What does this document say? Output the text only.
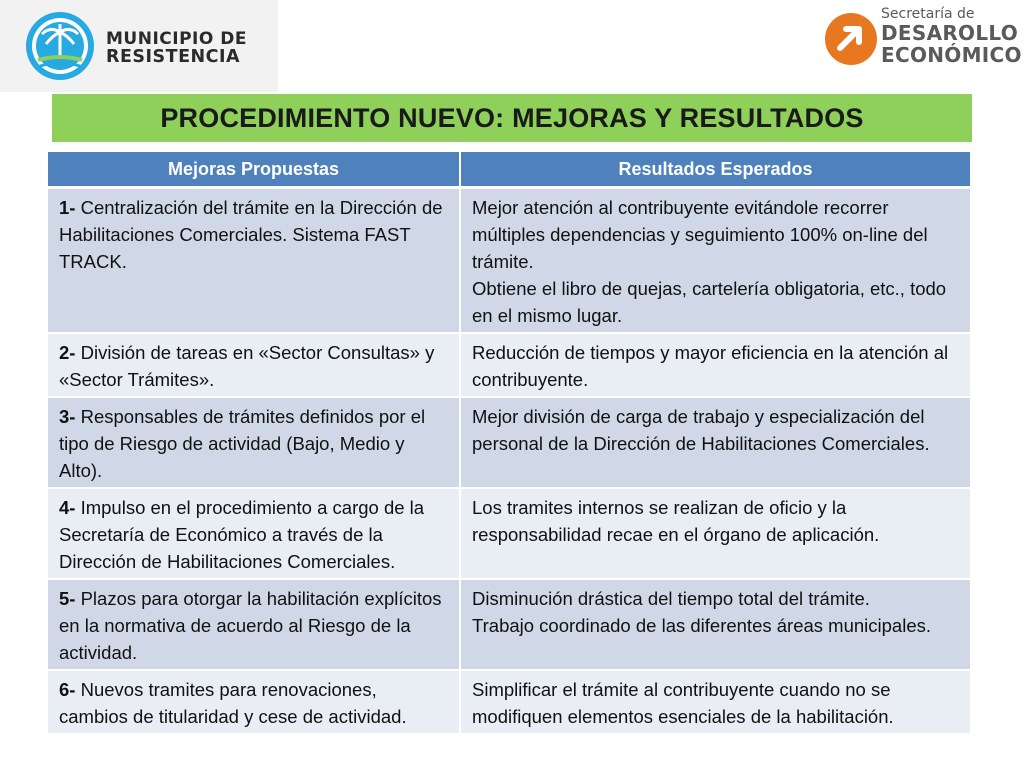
MUNICIPIO DE
RESISTENCIA
Secretaría de
DESAROLLO
ECONÓMICO
PROCEDIMIENTO NUEVO: MEJORAS Y RESULTADOS
Mejoras Propuestas	Resultados Esperados
1- Centralización del trámite en la Dirección de Habilitaciones Comerciales. Sistema FAST TRACK.	Mejor atención al contribuyente evitándole recorrer múltiples dependencias y seguimiento 100% on-line del trámite.
Obtiene el libro de quejas, cartelería obligatoria, etc., todo en el mismo lugar.
2- División de tareas en «Sector Consultas» y «Sector Trámites».	Reducción de tiempos y mayor eficiencia en la atención al contribuyente.
3- Responsables de trámites definidos por el tipo de Riesgo de actividad (Bajo, Medio y Alto).	Mejor división de carga de trabajo y especialización del personal de la Dirección de Habilitaciones Comerciales.
4- Impulso en el procedimiento a cargo de la Secretaría de Económico a través de la Dirección de Habilitaciones Comerciales.	Los tramites internos se realizan de oficio y la responsabilidad recae en el órgano de aplicación.
5- Plazos para otorgar la habilitación explícitos en la normativa de acuerdo al Riesgo de la actividad.	Disminución drástica del tiempo total del trámite.
Trabajo coordinado de las diferentes áreas municipales.
6- Nuevos tramites para renovaciones, cambios de titularidad y cese de actividad.	Simplificar el trámite al contribuyente cuando no se modifiquen elementos esenciales de la habilitación.
